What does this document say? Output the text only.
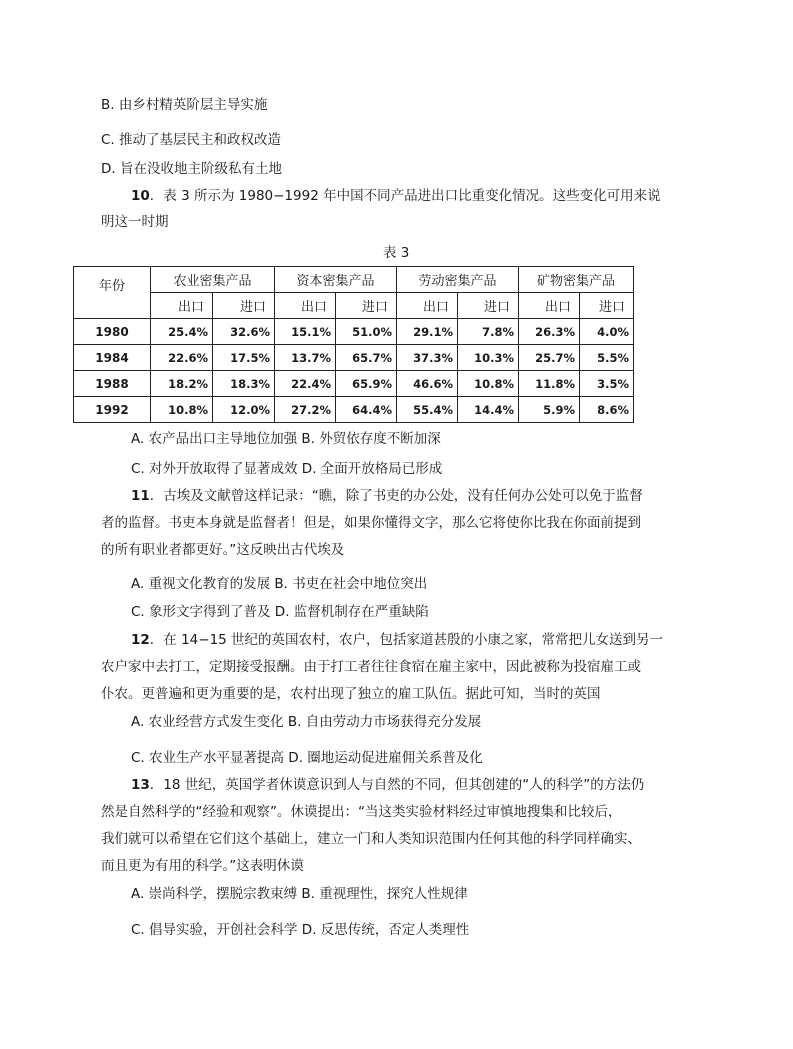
B. 由乡村精英阶层主导实施
C. 推动了基层民主和政权改造
D. 旨在没收地主阶级私有土地
10．表 3 所示为 1980−1992 年中国不同产品进出口比重变化情况。这些变化可用来说
明这一时期
表 3
年份	农业密集产品		资本密集产品		劳动密集产品		矿物密集产品	
	出口	进口	出口	进口	出口	进口	出口	进口
1980	25.4%	32.6%	15.1%	51.0%	29.1%	7.8%	26.3%	4.0%
1984	22.6%	17.5%	13.7%	65.7%	37.3%	10.3%	25.7%	5.5%
1988	18.2%	18.3%	22.4%	65.9%	46.6%	10.8%	11.8%	3.5%
1992	10.8%	12.0%	27.2%	64.4%	55.4%	14.4%	5.9%	8.6%
A. 农产品出口主导地位加强 B. 外贸依存度不断加深
C. 对外开放取得了显著成效 D. 全面开放格局已形成
11．古埃及文献曾这样记录：“瞧，除了书吏的办公处，没有任何办公处可以免于监督
者的监督。书吏本身就是监督者！但是，如果你懂得文字，那么它将使你比我在你面前提到
的所有职业者都更好。”这反映出古代埃及
A. 重视文化教育的发展 B. 书吏在社会中地位突出
C. 象形文字得到了普及 D. 监督机制存在严重缺陷
12．在 14−15 世纪的英国农村，农户，包括家道甚殷的小康之家，常常把儿女送到另一
农户家中去打工，定期接受报酬。由于打工者往往食宿在雇主家中，因此被称为投宿雇工或
仆农。更普遍和更为重要的是，农村出现了独立的雇工队伍。据此可知，当时的英国
A. 农业经营方式发生变化 B. 自由劳动力市场获得充分发展
C. 农业生产水平显著提高 D. 圈地运动促进雇佣关系普及化
13．18 世纪，英国学者休谟意识到人与自然的不同，但其创建的“人的科学”的方法仍
然是自然科学的“经验和观察”。休谟提出：“当这类实验材料经过审慎地搜集和比较后，
我们就可以希望在它们这个基础上，建立一门和人类知识范围内任何其他的科学同样确实、
而且更为有用的科学。”这表明休谟
A. 崇尚科学，摆脱宗教束缚 B. 重视理性，探究人性规律
C. 倡导实验，开创社会科学 D. 反思传统，否定人类理性
